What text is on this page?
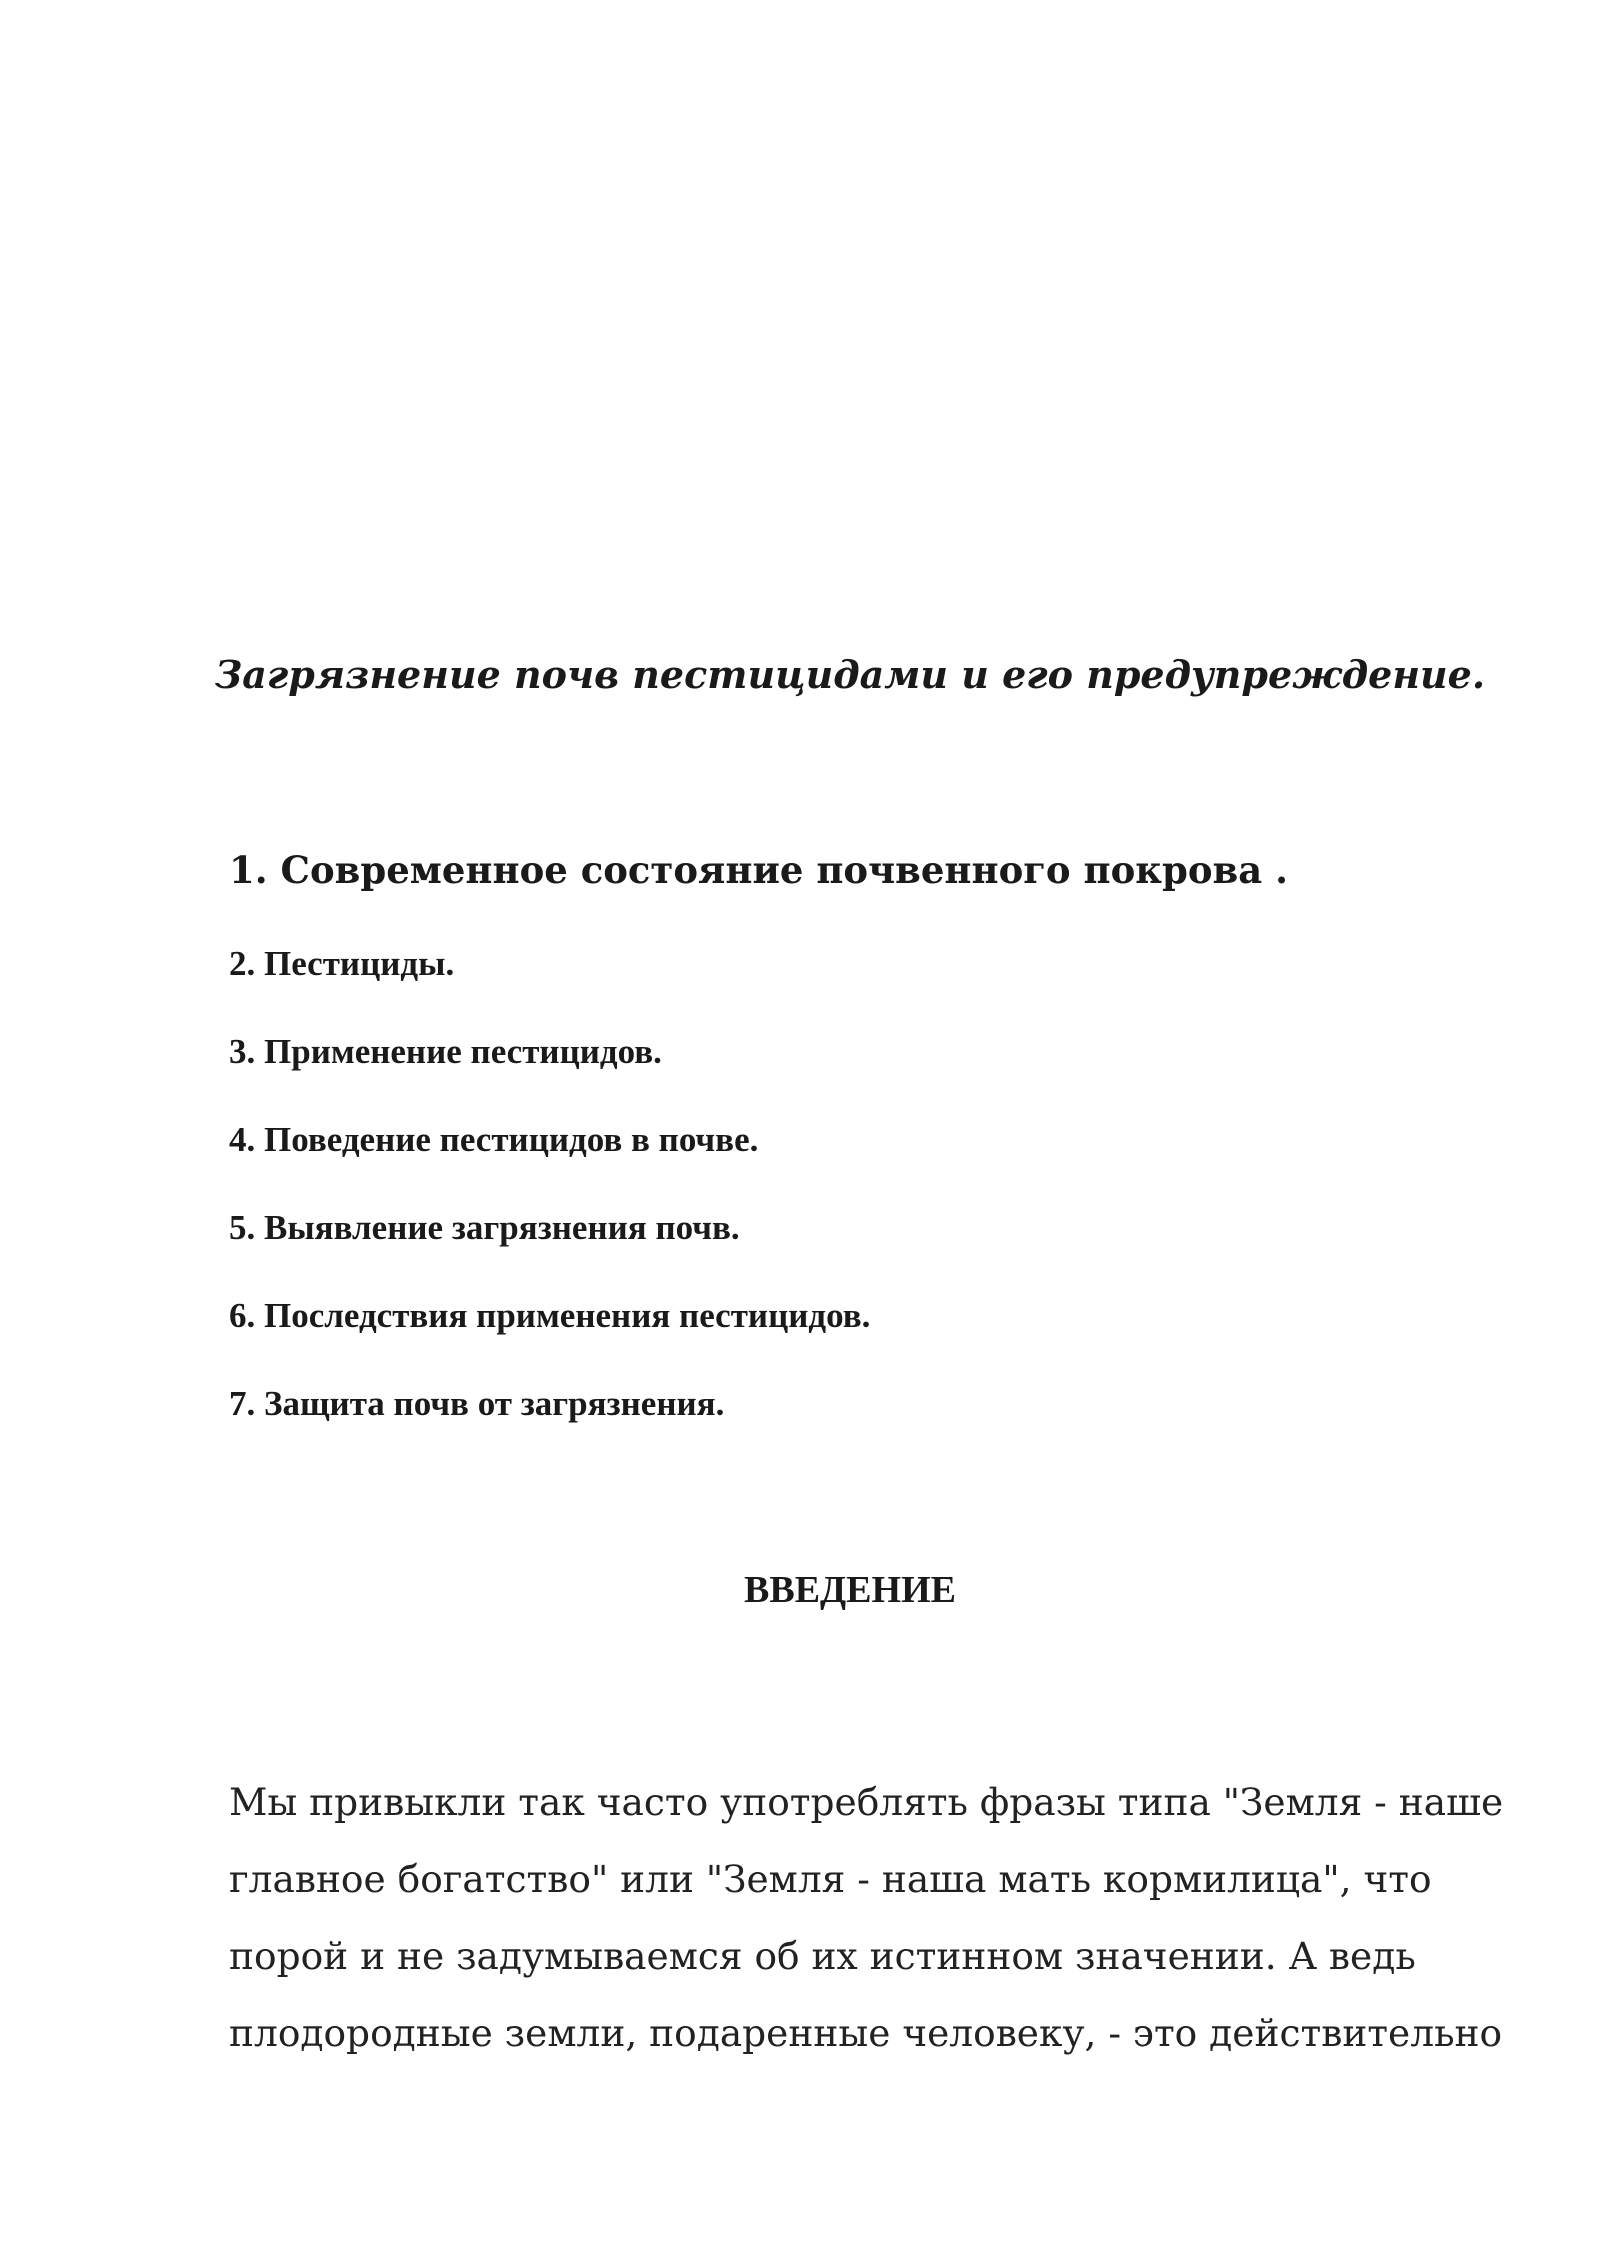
Загрязнение почв пестицидами и его предупреждение.
1. Современное состояние почвенного покрова .
2. Пестициды.
3. Применение пестицидов.
4. Поведение пестицидов в почве.
5. Выявление загрязнения почв.
6. Последствия применения пестицидов.
7. Защита почв от загрязнения.
ВВЕДЕНИЕ

Мы привыкли так часто употреблять фразы типа "Земля - наше
главное богатство" или "Земля - наша мать кормилица", что
порой и не задумываемся об их истинном значении. А ведь
плодородные земли, подаренные человеку, - это действительно
